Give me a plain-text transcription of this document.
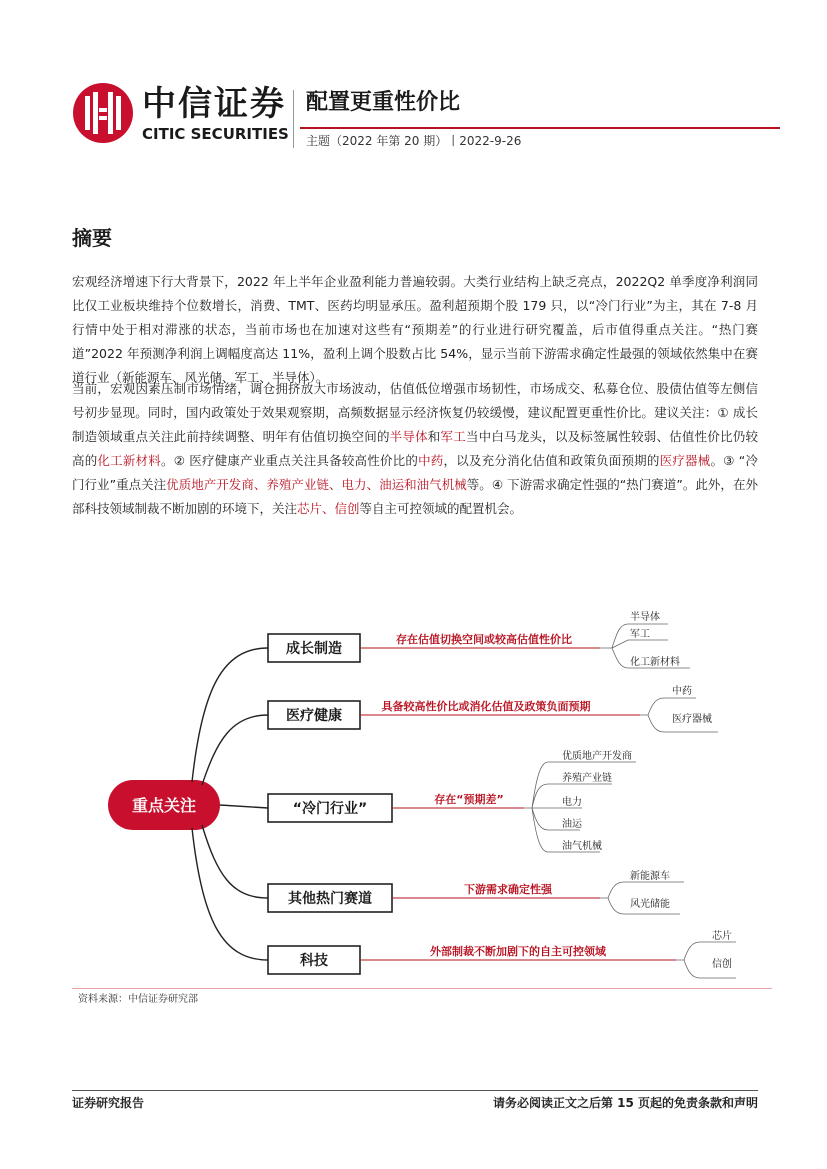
中信证券
CITIC SECURITIES
配置更重性价比
主题（2022 年第 20 期）丨2022-9-26
摘要

宏观经济增速下行大背景下，2022 年上半年企业盈利能力普遍较弱。大类行业结构上缺乏亮点，2022Q2 单季度净利润同比仅工业板块维持个位数增长，消费、TMT、医药均明显承压。盈利超预期个股 179 只，以“冷门行业”为主，其在 7-8 月行情中处于相对滞涨的状态，当前市场也在加速对这些有“预期差”的行业进行研究覆盖，后市值得重点关注。“热门赛道”2022 年预测净利润上调幅度高达 11%，盈利上调个股数占比 54%，显示当前下游需求确定性最强的领域依然集中在赛道行业（新能源车、风光储、军工、半导体）。

当前，宏观因素压制市场情绪，调仓拥挤放大市场波动，估值低位增强市场韧性，市场成交、私募仓位、股债估值等左侧信号初步显现。同时，国内政策处于效果观察期，高频数据显示经济恢复仍较缓慢，建议配置更重性价比。建议关注：① 成长制造领域重点关注此前持续调整、明年有估值切换空间的半导体和军工当中白马龙头，以及标签属性较弱、估值性价比仍较高的化工新材料。② 医疗健康产业重点关注具备较高性价比的中药，以及充分消化估值和政策负面预期的医疗器械。③ “冷门行业”重点关注优质地产开发商、养殖产业链、电力、油运和油气机械等。④ 下游需求确定性强的“热门赛道”。此外，在外部科技领域制裁不断加剧的环境下，关注芯片、信创等自主可控领域的配置机会。

重点关注
成长制造
存在估值切换空间或较高估值性价比
半导体
军工
化工新材料
医疗健康
具备较高性价比或消化估值及政策负面预期
中药
医疗器械
“冷门行业”
存在“预期差”
优质地产开发商
养殖产业链
电力
油运
油气机械
其他热门赛道
下游需求确定性强
新能源车
风光储能
科技
外部制裁不断加剧下的自主可控领域
芯片
信创
资料来源：中信证券研究部
证券研究报告	请务必阅读正文之后第 15 页起的免责条款和声明
